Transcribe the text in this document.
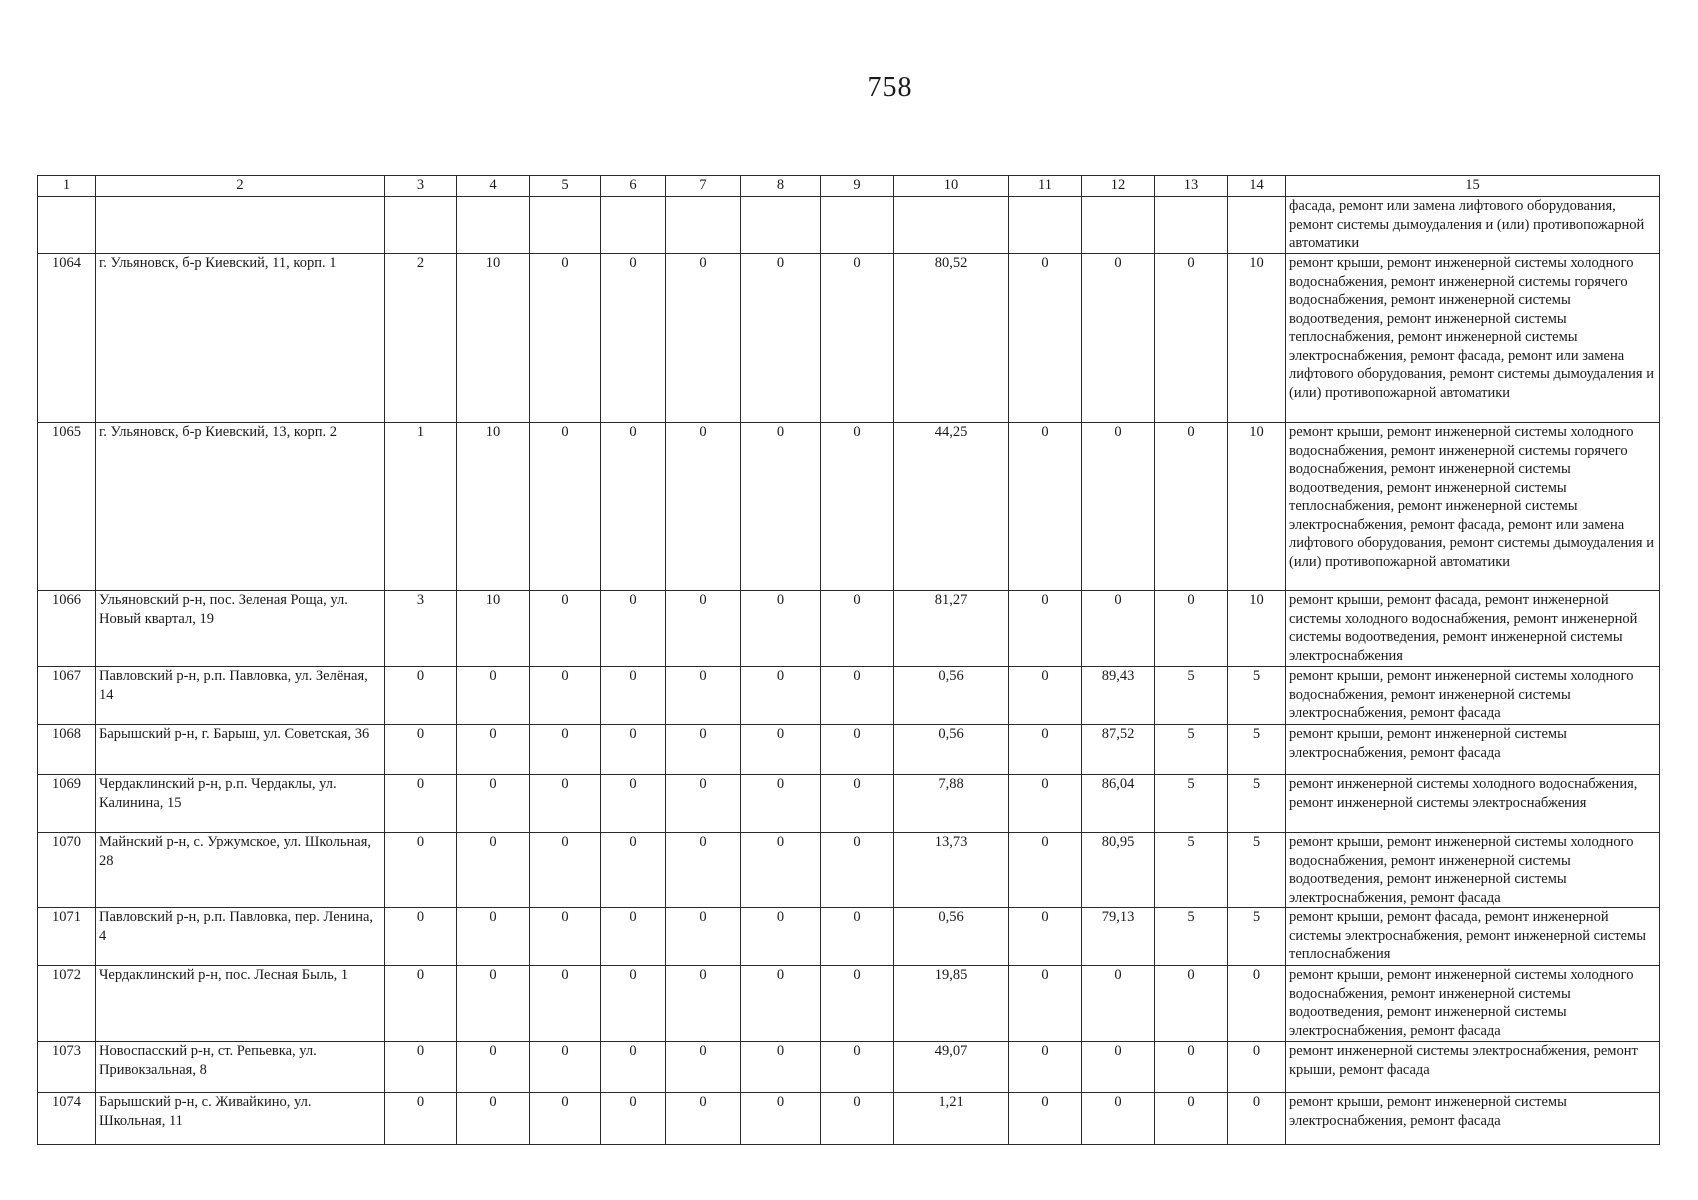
758
1	2	3	4	5	6	7	8	9	10	11	12	13	14	15
														фасада, ремонт или замена лифтового оборудования, ремонт системы дымоудаления и (или) противопожарной автоматики
1064	г. Ульяновск, б-р Киевский, 11, корп. 1	2	10	0	0	0	0	0	80,52	0	0	0	10	ремонт крыши, ремонт инженерной системы холодного водоснабжения, ремонт инженерной системы горячего водоснабжения, ремонт инженерной системы водоотведения, ремонт инженерной системы теплоснабжения, ремонт инженерной системы электроснабжения, ремонт фасада, ремонт или замена лифтового оборудования, ремонт системы дымоудаления и (или) противопожарной автоматики
1065	г. Ульяновск, б-р Киевский, 13, корп. 2	1	10	0	0	0	0	0	44,25	0	0	0	10	ремонт крыши, ремонт инженерной системы холодного водоснабжения, ремонт инженерной системы горячего водоснабжения, ремонт инженерной системы водоотведения, ремонт инженерной системы теплоснабжения, ремонт инженерной системы электроснабжения, ремонт фасада, ремонт или замена лифтового оборудования, ремонт системы дымоудаления и (или) противопожарной автоматики
1066	Ульяновский р-н, пос. Зеленая Роща, ул. Новый квартал, 19	3	10	0	0	0	0	0	81,27	0	0	0	10	ремонт крыши, ремонт фасада, ремонт инженерной системы холодного водоснабжения, ремонт инженерной системы водоотведения, ремонт инженерной системы электроснабжения
1067	Павловский р-н, р.п. Павловка, ул. Зелёная, 14	0	0	0	0	0	0	0	0,56	0	89,43	5	5	ремонт крыши, ремонт инженерной системы холодного водоснабжения, ремонт инженерной системы электроснабжения, ремонт фасада
1068	Барышский р-н, г. Барыш, ул. Советская, 36	0	0	0	0	0	0	0	0,56	0	87,52	5	5	ремонт крыши, ремонт инженерной системы электроснабжения, ремонт фасада
1069	Чердаклинский р-н, р.п. Чердаклы, ул. Калинина, 15	0	0	0	0	0	0	0	7,88	0	86,04	5	5	ремонт инженерной системы холодного водоснабжения, ремонт инженерной системы электроснабжения
1070	Майнский р-н, с. Уржумское, ул. Школьная, 28	0	0	0	0	0	0	0	13,73	0	80,95	5	5	ремонт крыши, ремонт инженерной системы холодного водоснабжения, ремонт инженерной системы водоотведения, ремонт инженерной системы электроснабжения, ремонт фасада
1071	Павловский р-н, р.п. Павловка, пер. Ленина, 4	0	0	0	0	0	0	0	0,56	0	79,13	5	5	ремонт крыши, ремонт фасада, ремонт инженерной системы электроснабжения, ремонт инженерной системы теплоснабжения
1072	Чердаклинский р-н, пос. Лесная Быль, 1	0	0	0	0	0	0	0	19,85	0	0	0	0	ремонт крыши, ремонт инженерной системы холодного водоснабжения, ремонт инженерной системы водоотведения, ремонт инженерной системы электроснабжения, ремонт фасада
1073	Новоспасский р-н, ст. Репьевка, ул. Привокзальная, 8	0	0	0	0	0	0	0	49,07	0	0	0	0	ремонт инженерной системы электроснабжения, ремонт крыши, ремонт фасада
1074	Барышский р-н, с. Живайкино, ул. Школьная, 11	0	0	0	0	0	0	0	1,21	0	0	0	0	ремонт крыши, ремонт инженерной системы электроснабжения, ремонт фасада
